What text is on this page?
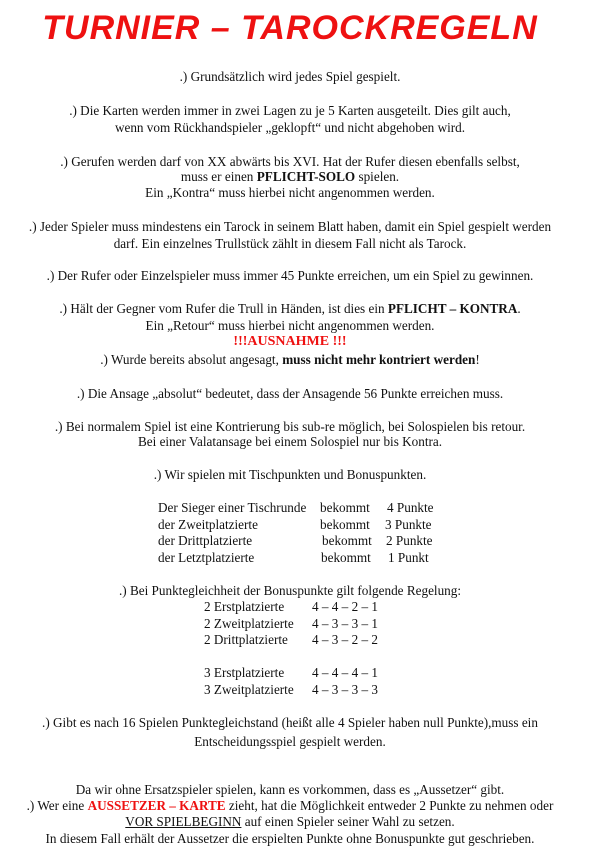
TURNIER – TAROCKREGELN
.) Grundsätzlich wird jedes Spiel gespielt.
.) Die Karten werden immer in zwei Lagen zu je 5 Karten ausgeteilt. Dies gilt auch,
wenn vom Rückhandspieler „geklopft“ und nicht abgehoben wird.
.) Gerufen werden darf von XX abwärts bis XVI. Hat der Rufer diesen ebenfalls selbst,
muss er einen PFLICHT-SOLO spielen.
Ein „Kontra“ muss hierbei nicht angenommen werden.
.) Jeder Spieler muss mindestens ein Tarock in seinem Blatt haben, damit ein Spiel gespielt werden
darf. Ein einzelnes Trullstück zählt in diesem Fall nicht als Tarock.
.) Der Rufer oder Einzelspieler muss immer 45 Punkte erreichen, um ein Spiel zu gewinnen.
.) Hält der Gegner vom Rufer die Trull in Händen, ist dies ein PFLICHT – KONTRA.
Ein „Retour“ muss hierbei nicht angenommen werden.
!!!AUSNAHME !!!
.) Wurde bereits absolut angesagt, muss nicht mehr kontriert werden!
.) Die Ansage „absolut“ bedeutet, dass der Ansagende 56 Punkte erreichen muss.
.) Bei normalem Spiel ist eine Kontrierung bis sub-re möglich, bei Solospielen bis retour.
Bei einer Valatansage bei einem Solospiel nur bis Kontra.
.) Wir spielen mit Tischpunkten und Bonuspunkten.
Der Sieger einer Tischrunde bekommt 4 Punkte
der Zweitplatzierte	bekommt 3 Punkte
der Drittplatzierte	bekommt 2 Punkte
der Letztplatzierte	bekommt 1 Punkt
.) Bei Punktegleichheit der Bonuspunkte gilt folgende Regelung:
2 Erstplatzierte 4 – 4 – 2 – 1
2 Zweitplatzierte 4 – 3 – 3 – 1
2 Drittplatzierte 4 – 3 – 2 – 2
3 Erstplatzierte 4 – 4 – 4 – 1
3 Zweitplatzierte 4 – 3 – 3 – 3
.) Gibt es nach 16 Spielen Punktegleichstand (heißt alle 4 Spieler haben null Punkte),muss ein
Entscheidungsspiel gespielt werden.
Da wir ohne Ersatzspieler spielen, kann es vorkommen, dass es „Aussetzer“ gibt.
.) Wer eine AUSSETZER – KARTE zieht, hat die Möglichkeit entweder 2 Punkte zu nehmen oder
VOR SPIELBEGINN auf einen Spieler seiner Wahl zu setzen.
In diesem Fall erhält der Aussetzer die erspielten Punkte ohne Bonuspunkte gut geschrieben.
